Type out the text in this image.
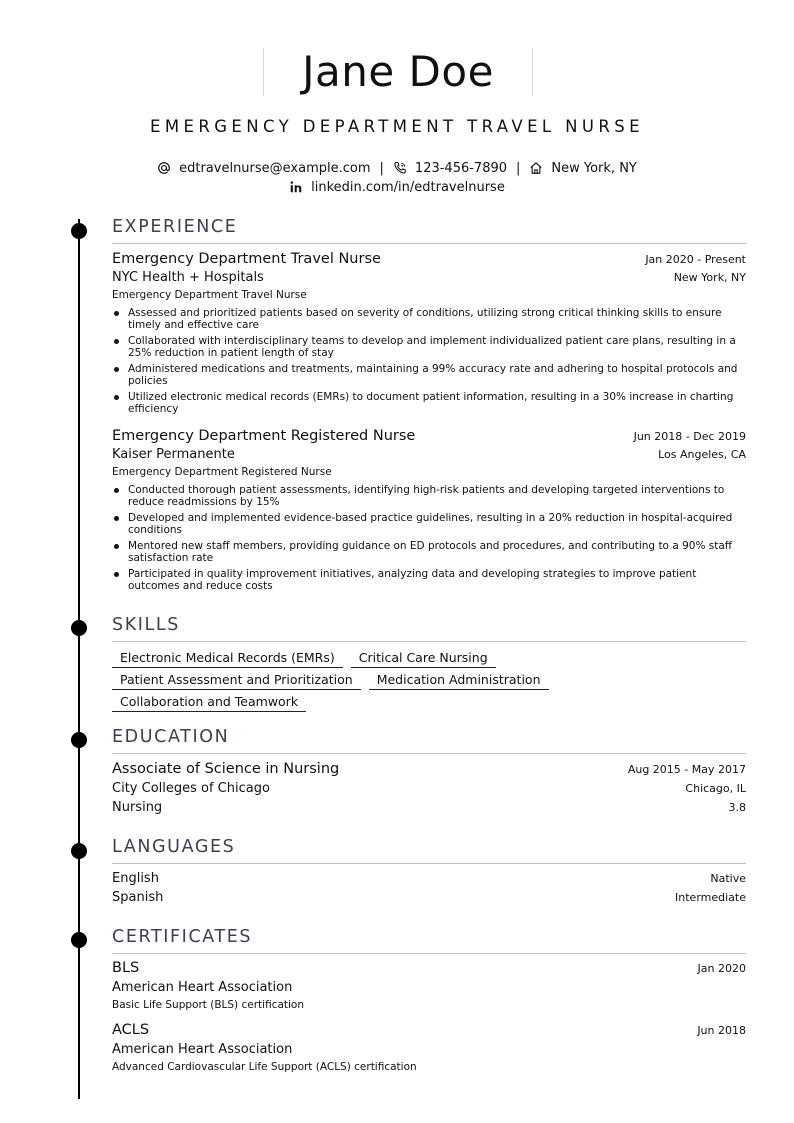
Jane Doe
EMERGENCY DEPARTMENT TRAVEL NURSE
edtravelnurse@example.com | 123-456-7890 | New York, NY
linkedin.com/in/edtravelnurse
EXPERIENCE
Emergency Department Travel Nurse	Jan 2020 - Present
NYC Health + Hospitals	New York, NY
Emergency Department Travel Nurse
Assessed and prioritized patients based on severity of conditions, utilizing strong critical thinking skills to ensure timely and effective care
Collaborated with interdisciplinary teams to develop and implement individualized patient care plans, resulting in a 25% reduction in patient length of stay
Administered medications and treatments, maintaining a 99% accuracy rate and adhering to hospital protocols and policies
Utilized electronic medical records (EMRs) to document patient information, resulting in a 30% increase in charting efficiency
Emergency Department Registered Nurse	Jun 2018 - Dec 2019
Kaiser Permanente	Los Angeles, CA
Emergency Department Registered Nurse
Conducted thorough patient assessments, identifying high-risk patients and developing targeted interventions to reduce readmissions by 15%
Developed and implemented evidence-based practice guidelines, resulting in a 20% reduction in hospital-acquired conditions
Mentored new staff members, providing guidance on ED protocols and procedures, and contributing to a 90% staff satisfaction rate
Participated in quality improvement initiatives, analyzing data and developing strategies to improve patient outcomes and reduce costs
SKILLS
Electronic Medical Records (EMRs)	Critical Care Nursing
Patient Assessment and Prioritization	Medication Administration
Collaboration and Teamwork
EDUCATION
Associate of Science in Nursing	Aug 2015 - May 2017
City Colleges of Chicago	Chicago, IL
Nursing	3.8
LANGUAGES
English	Native
Spanish	Intermediate
CERTIFICATES
BLS	Jan 2020
American Heart Association
Basic Life Support (BLS) certification
ACLS	Jun 2018
American Heart Association
Advanced Cardiovascular Life Support (ACLS) certification
